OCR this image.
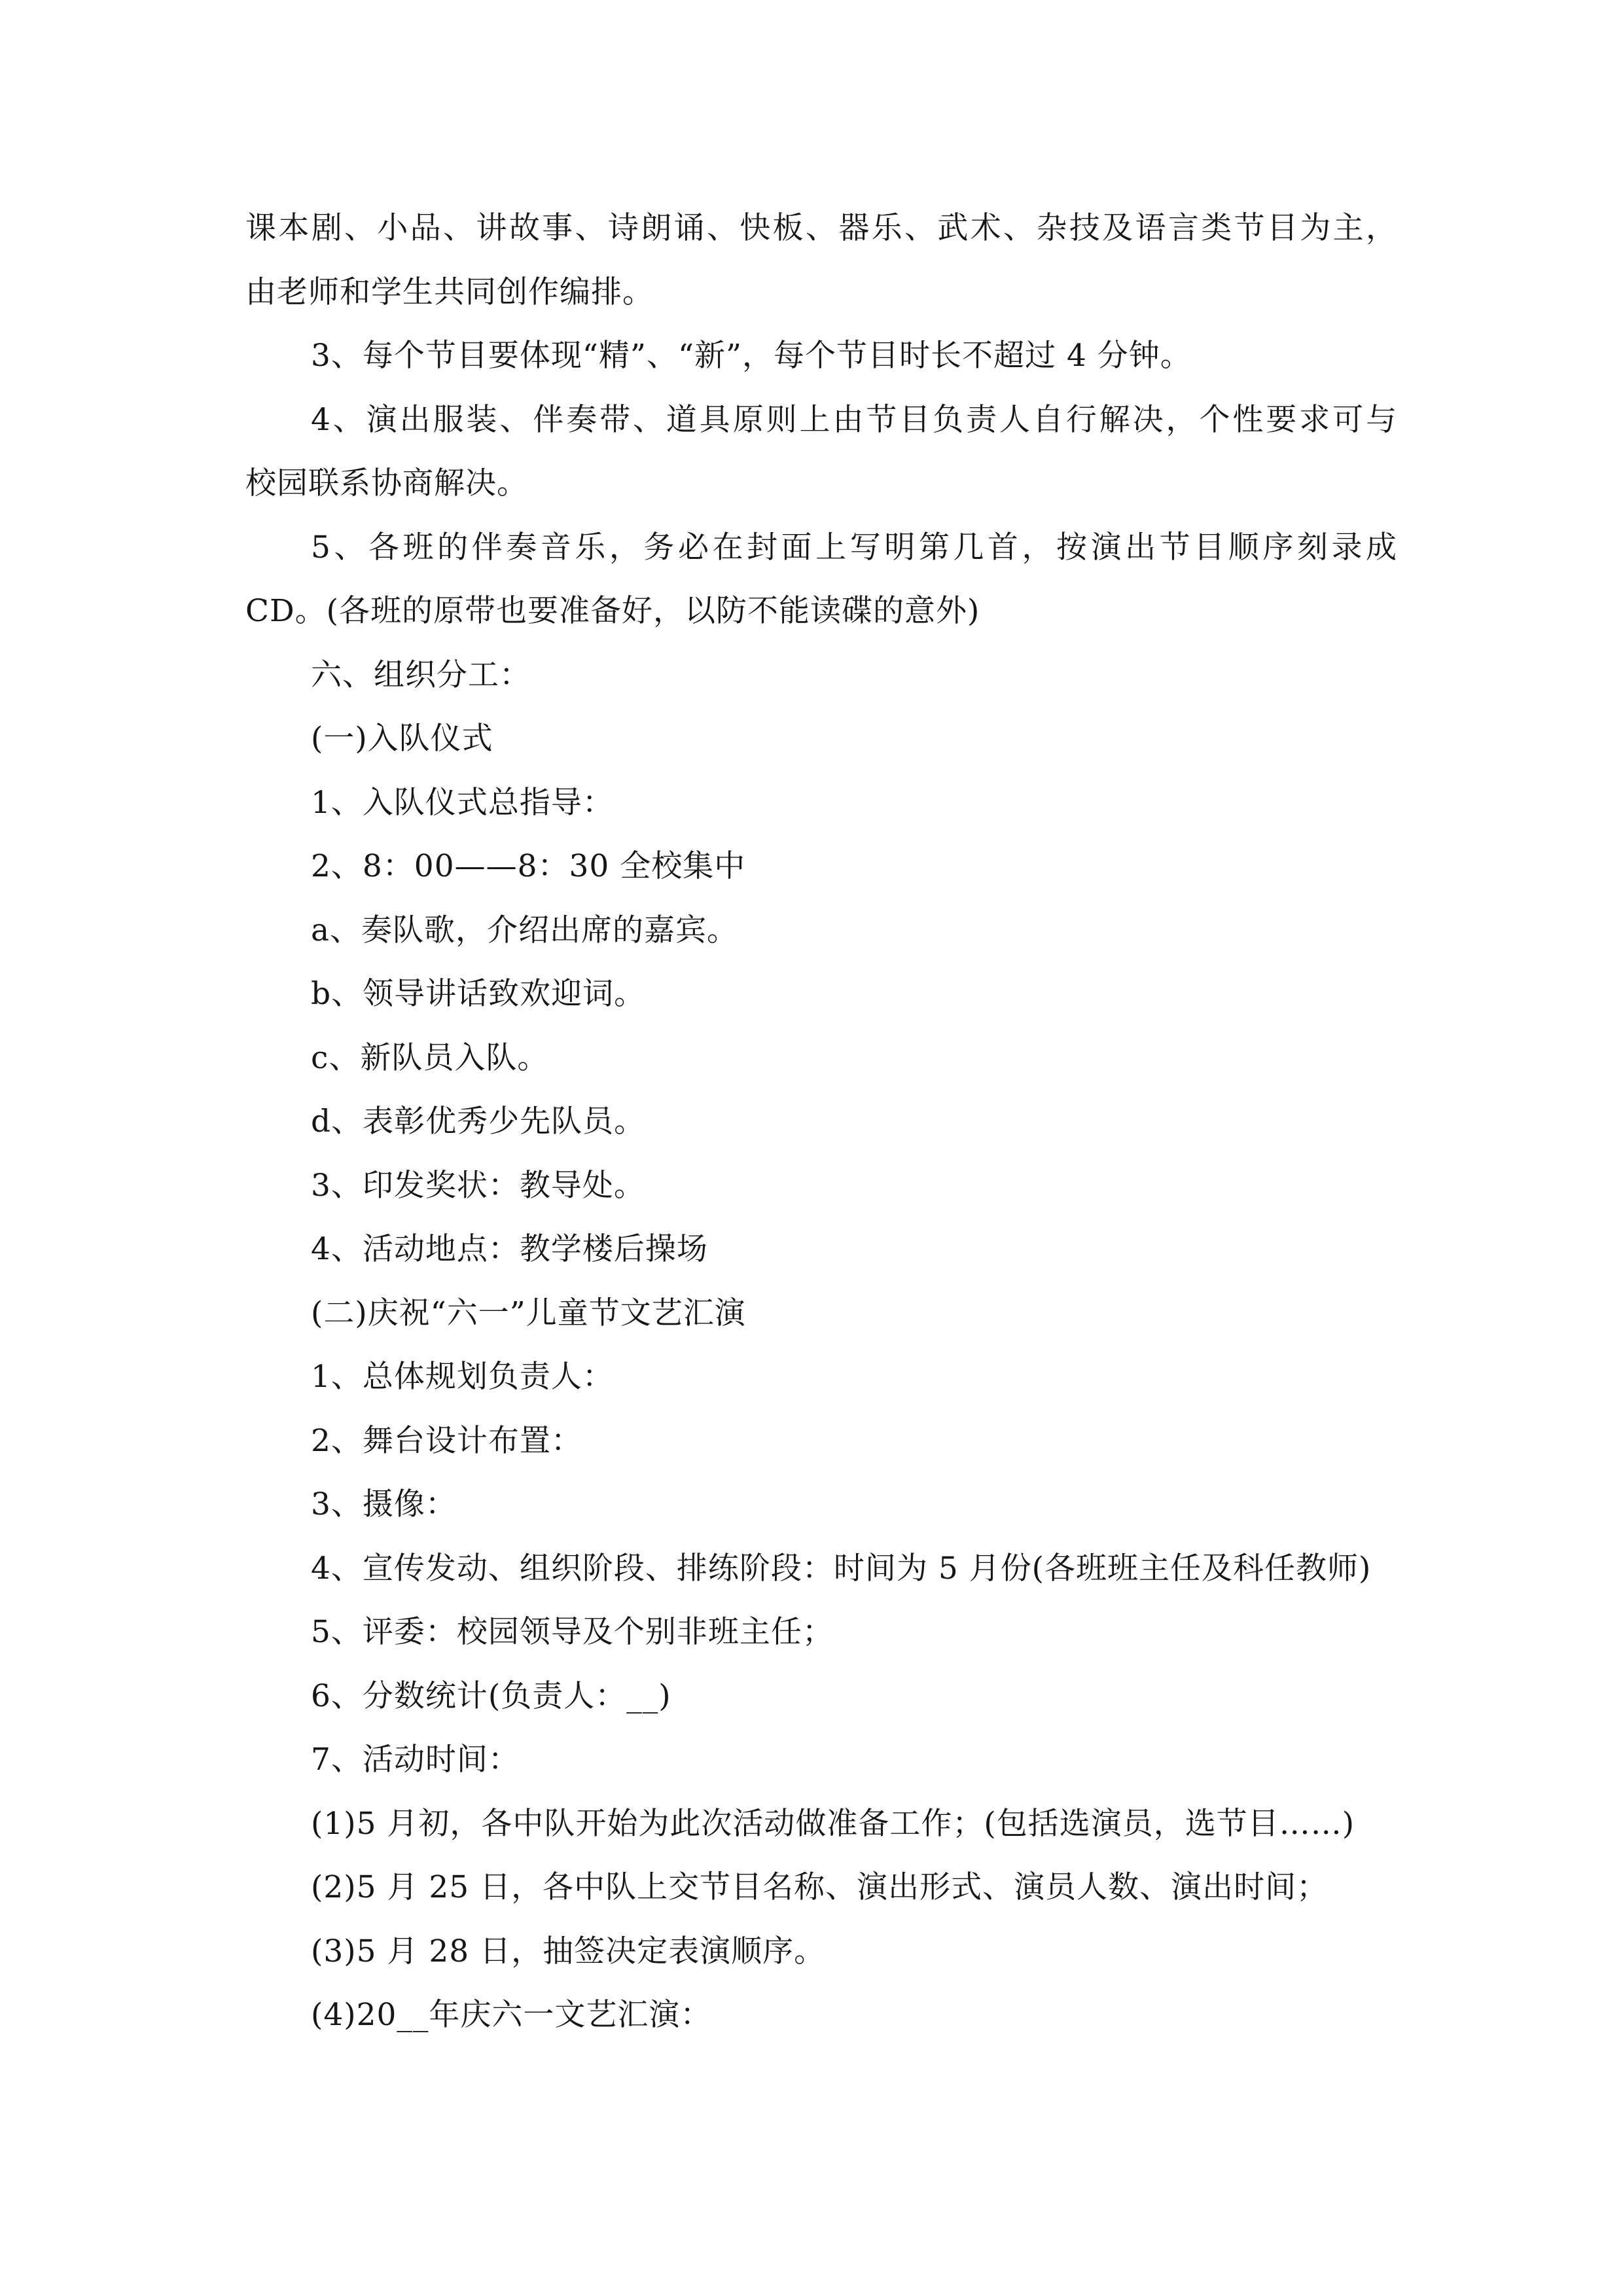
课本剧、小品、讲故事、诗朗诵、快板、器乐、武术、杂技及语言类节目为主，
由老师和学生共同创作编排。
3、每个节目要体现“精”、“新”，每个节目时长不超过 4 分钟。
4、演出服装、伴奏带、道具原则上由节目负责人自行解决，个性要求可与
校园联系协商解决。
5、各班的伴奏音乐，务必在封面上写明第几首，按演出节目顺序刻录成
CD。(各班的原带也要准备好，以防不能读碟的意外)
六、组织分工：
(一)入队仪式
1、入队仪式总指导：
2、8：00——8：30 全校集中
a、奏队歌，介绍出席的嘉宾。
b、领导讲话致欢迎词。
c、新队员入队。
d、表彰优秀少先队员。
3、印发奖状：教导处。
4、活动地点：教学楼后操场
(二)庆祝“六一”儿童节文艺汇演
1、总体规划负责人：
2、舞台设计布置：
3、摄像：
4、宣传发动、组织阶段、排练阶段：时间为 5 月份(各班班主任及科任教师)
5、评委：校园领导及个别非班主任；
6、分数统计(负责人：__)
7、活动时间：
(1)5 月初，各中队开始为此次活动做准备工作；(包括选演员，选节目……)
(2)5 月 25 日，各中队上交节目名称、演出形式、演员人数、演出时间；
(3)5 月 28 日，抽签决定表演顺序。
(4)20__年庆六一文艺汇演：
